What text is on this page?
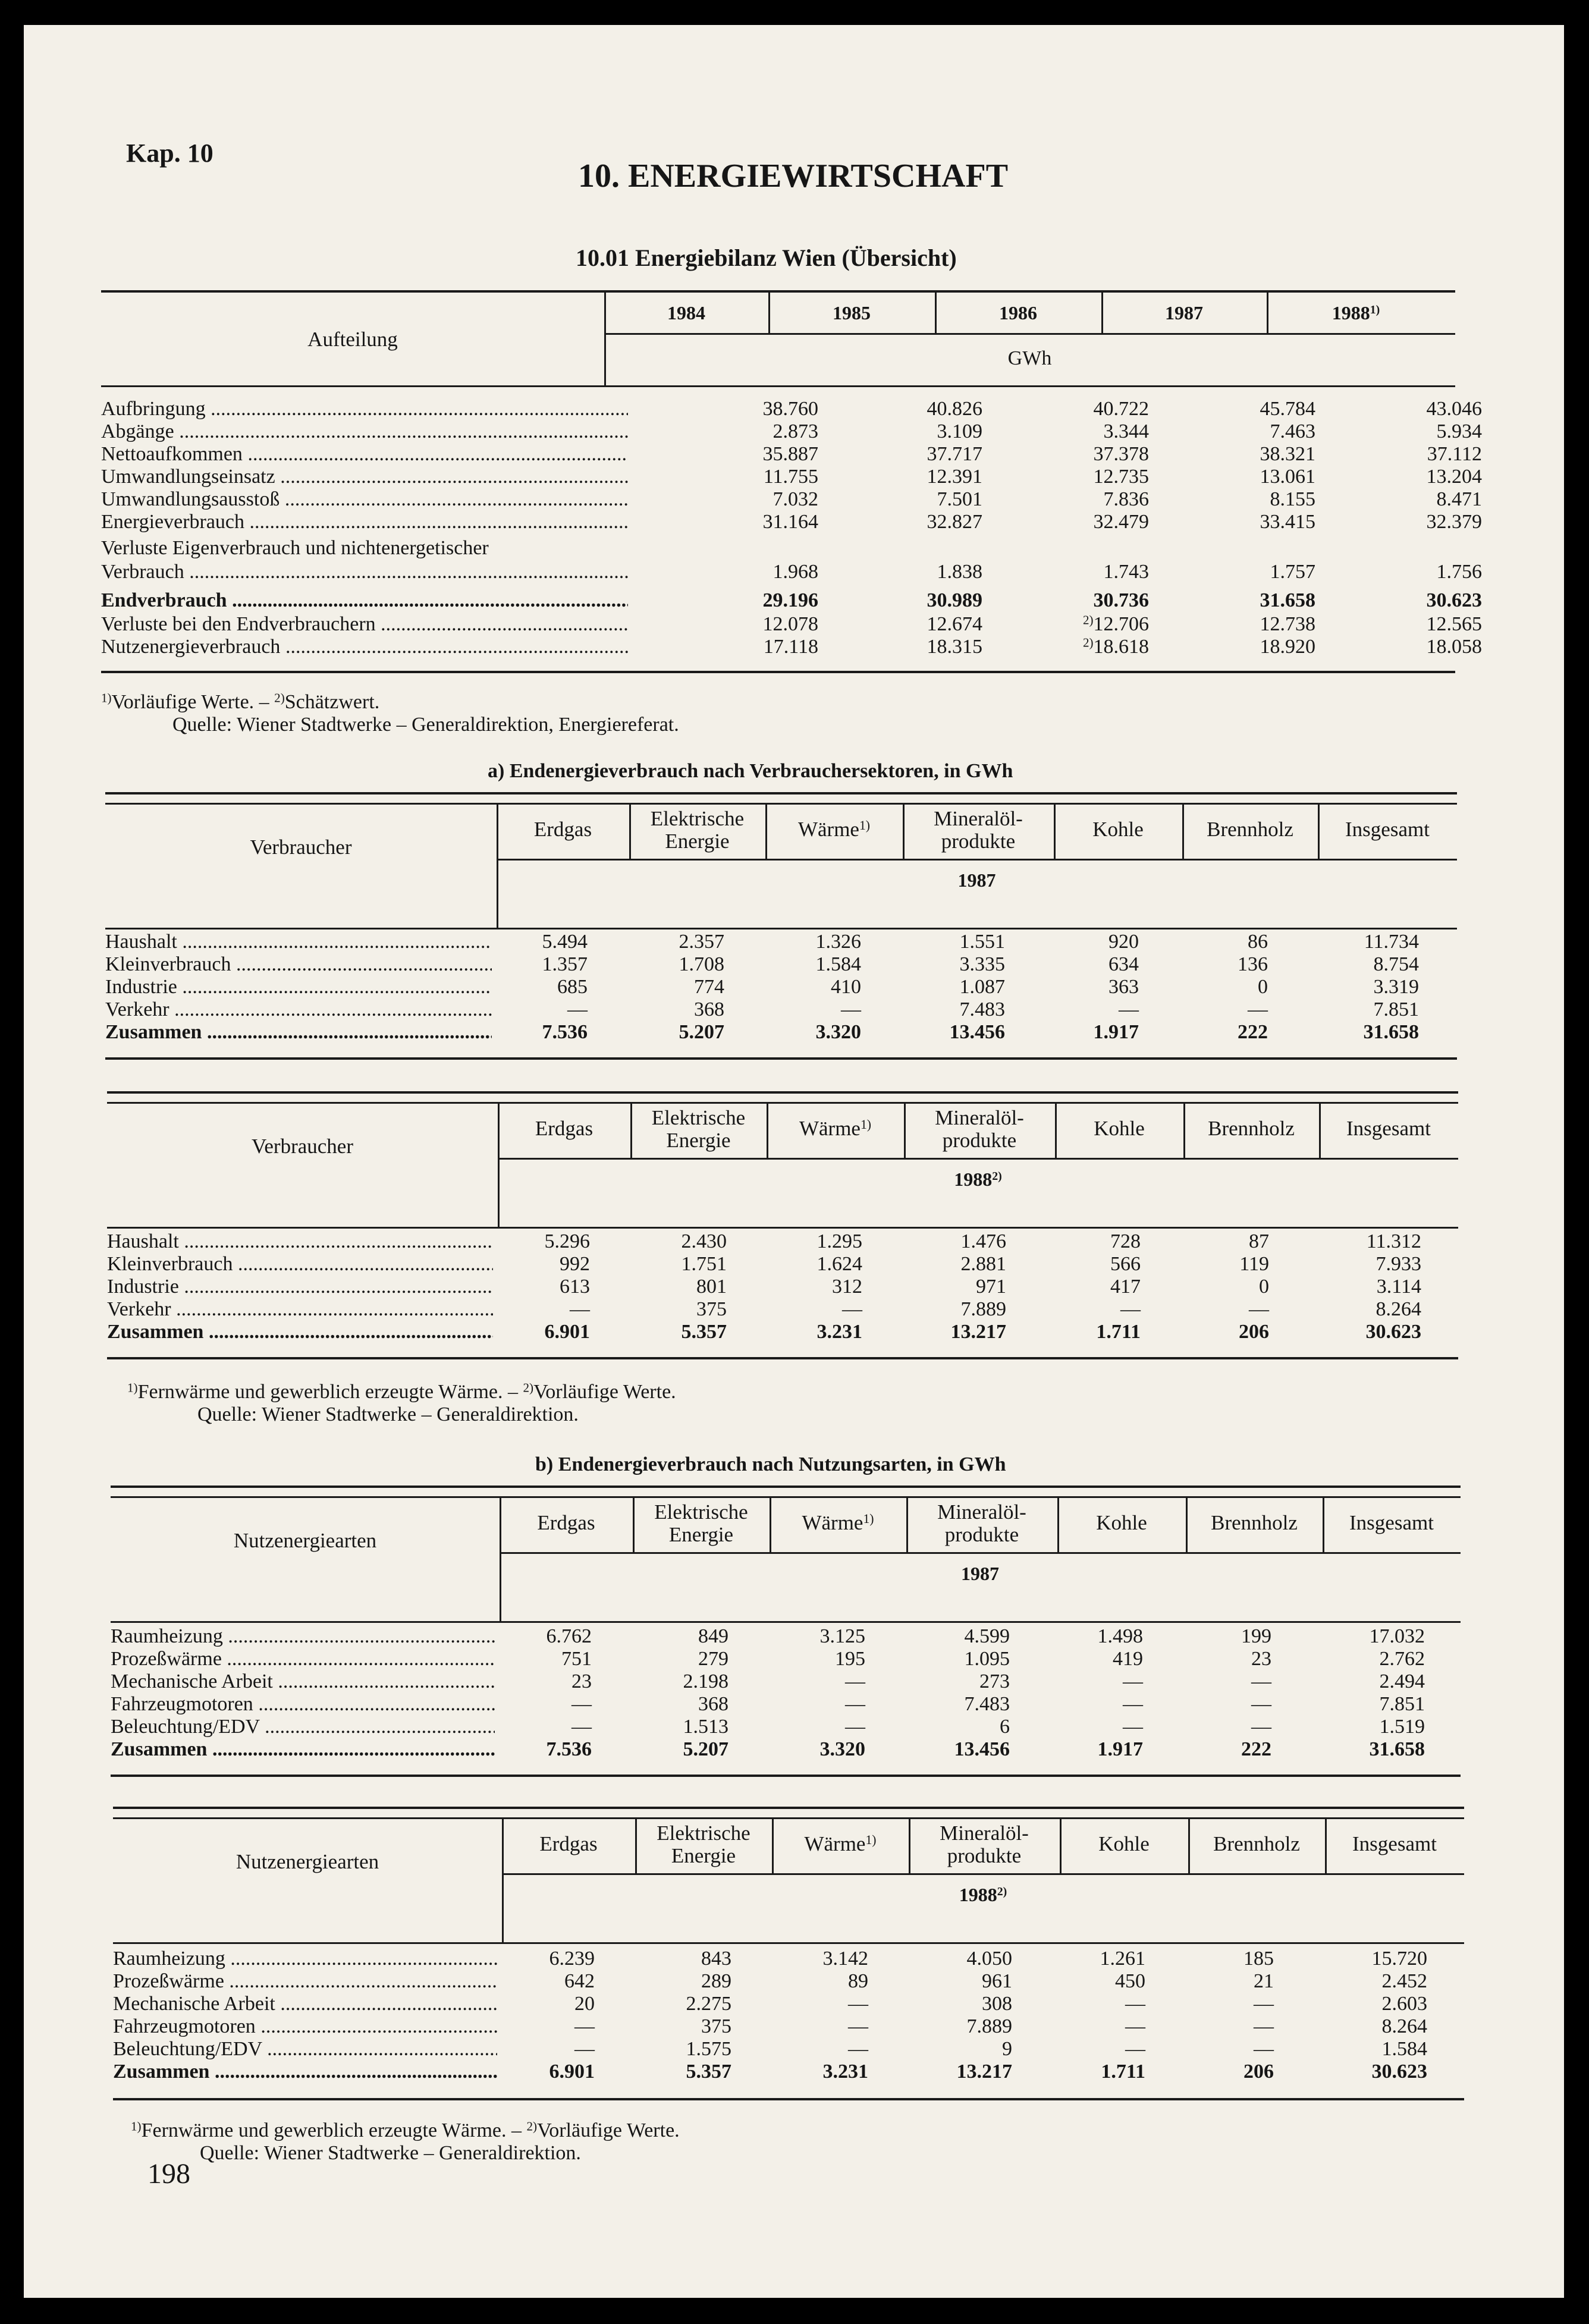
Kap. 10
10. ENERGIEWIRTSCHAFT
10.01 Energiebilanz Wien (Übersicht)
Aufteilung
1984	1985	1986	1987	1988$^{1)}$
GWh
Aufbringung .....	38.760	40.826	40.722	45.784	43.046
Abgänge .....	2.873	3.109	3.344	7.463	5.934
Nettoaufkommen .....	35.887	37.717	37.378	38.321	37.112
Umwandlungseinsatz .....	11.755	12.391	12.735	13.061	13.204
Umwandlungsausstoß .....	7.032	7.501	7.836	8.155	8.471
Energieverbrauch .....	31.164	32.827	32.479	33.415	32.379
Verluste Eigenverbrauch und nichtenergetischer
Verbrauch .....	1.968	1.838	1.743	1.757	1.756
Endverbrauch .....	29.196	30.989	30.736	31.658	30.623
Verluste bei den Endverbrauchern .....	12.078	12.674	$^{2)}$12.706	12.738	12.565
Nutzenergieverbrauch .....	17.118	18.315	$^{2)}$18.618	18.920	18.058
$^{1)}$Vorläufige Werte. – $^{2)}$Schätzwert.
Quelle: Wiener Stadtwerke – Generaldirektion, Energiereferat.
a) Endenergieverbrauch nach Verbrauchersektoren, in GWh
Verbraucher
Erdgas	Elektrische
Energie
Wärme$^{1)}$	Mineralöl-
produkte
Kohle	Brennholz	Insgesamt
1987
Haushalt .....	5.494	2.357	1.326	1.551	920	86	11.734
Kleinverbrauch .....	1.357	1.708	1.584	3.335	634	136	8.754
Industrie .....	685	774	410	1.087	363	0	3.319
Verkehr .....	—	368	—	7.483	—	—	7.851
Zusammen .....	7.536	5.207	3.320	13.456	1.917	222	31.658
Verbraucher
Erdgas	Elektrische
Energie
Wärme$^{1)}$	Mineralöl-
produkte
Kohle	Brennholz	Insgesamt
1988$^{2)}$
Haushalt .....	5.296	2.430	1.295	1.476	728	87	11.312
Kleinverbrauch .....	992	1.751	1.624	2.881	566	119	7.933
Industrie .....	613	801	312	971	417	0	3.114
Verkehr .....	—	375	—	7.889	—	—	8.264
Zusammen .....	6.901	5.357	3.231	13.217	1.711	206	30.623
$^{1)}$Fernwärme und gewerblich erzeugte Wärme. – $^{2)}$Vorläufige Werte.
Quelle: Wiener Stadtwerke – Generaldirektion.
b) Endenergieverbrauch nach Nutzungsarten, in GWh
Nutzenergiearten
Erdgas	Elektrische
Energie
Wärme$^{1)}$	Mineralöl-
produkte
Kohle	Brennholz	Insgesamt
1987
Raumheizung .....	6.762	849	3.125	4.599	1.498	199	17.032
Prozeßwärme .....	751	279	195	1.095	419	23	2.762
Mechanische Arbeit .....	23	2.198	—	273	—	—	2.494
Fahrzeugmotoren .....	—	368	—	7.483	—	—	7.851
Beleuchtung/EDV .....	—	1.513	—	6	—	—	1.519
Zusammen .....	7.536	5.207	3.320	13.456	1.917	222	31.658
Nutzenergiearten
Erdgas	Elektrische
Energie
Wärme$^{1)}$	Mineralöl-
produkte
Kohle	Brennholz	Insgesamt
1988$^{2)}$
Raumheizung .....	6.239	843	3.142	4.050	1.261	185	15.720
Prozeßwärme .....	642	289	89	961	450	21	2.452
Mechanische Arbeit .....	20	2.275	—	308	—	—	2.603
Fahrzeugmotoren .....	—	375	—	7.889	—	—	8.264
Beleuchtung/EDV .....	—	1.575	—	9	—	—	1.584
Zusammen .....	6.901	5.357	3.231	13.217	1.711	206	30.623
$^{1)}$Fernwärme und gewerblich erzeugte Wärme. – $^{2)}$Vorläufige Werte.
Quelle: Wiener Stadtwerke – Generaldirektion.
198
